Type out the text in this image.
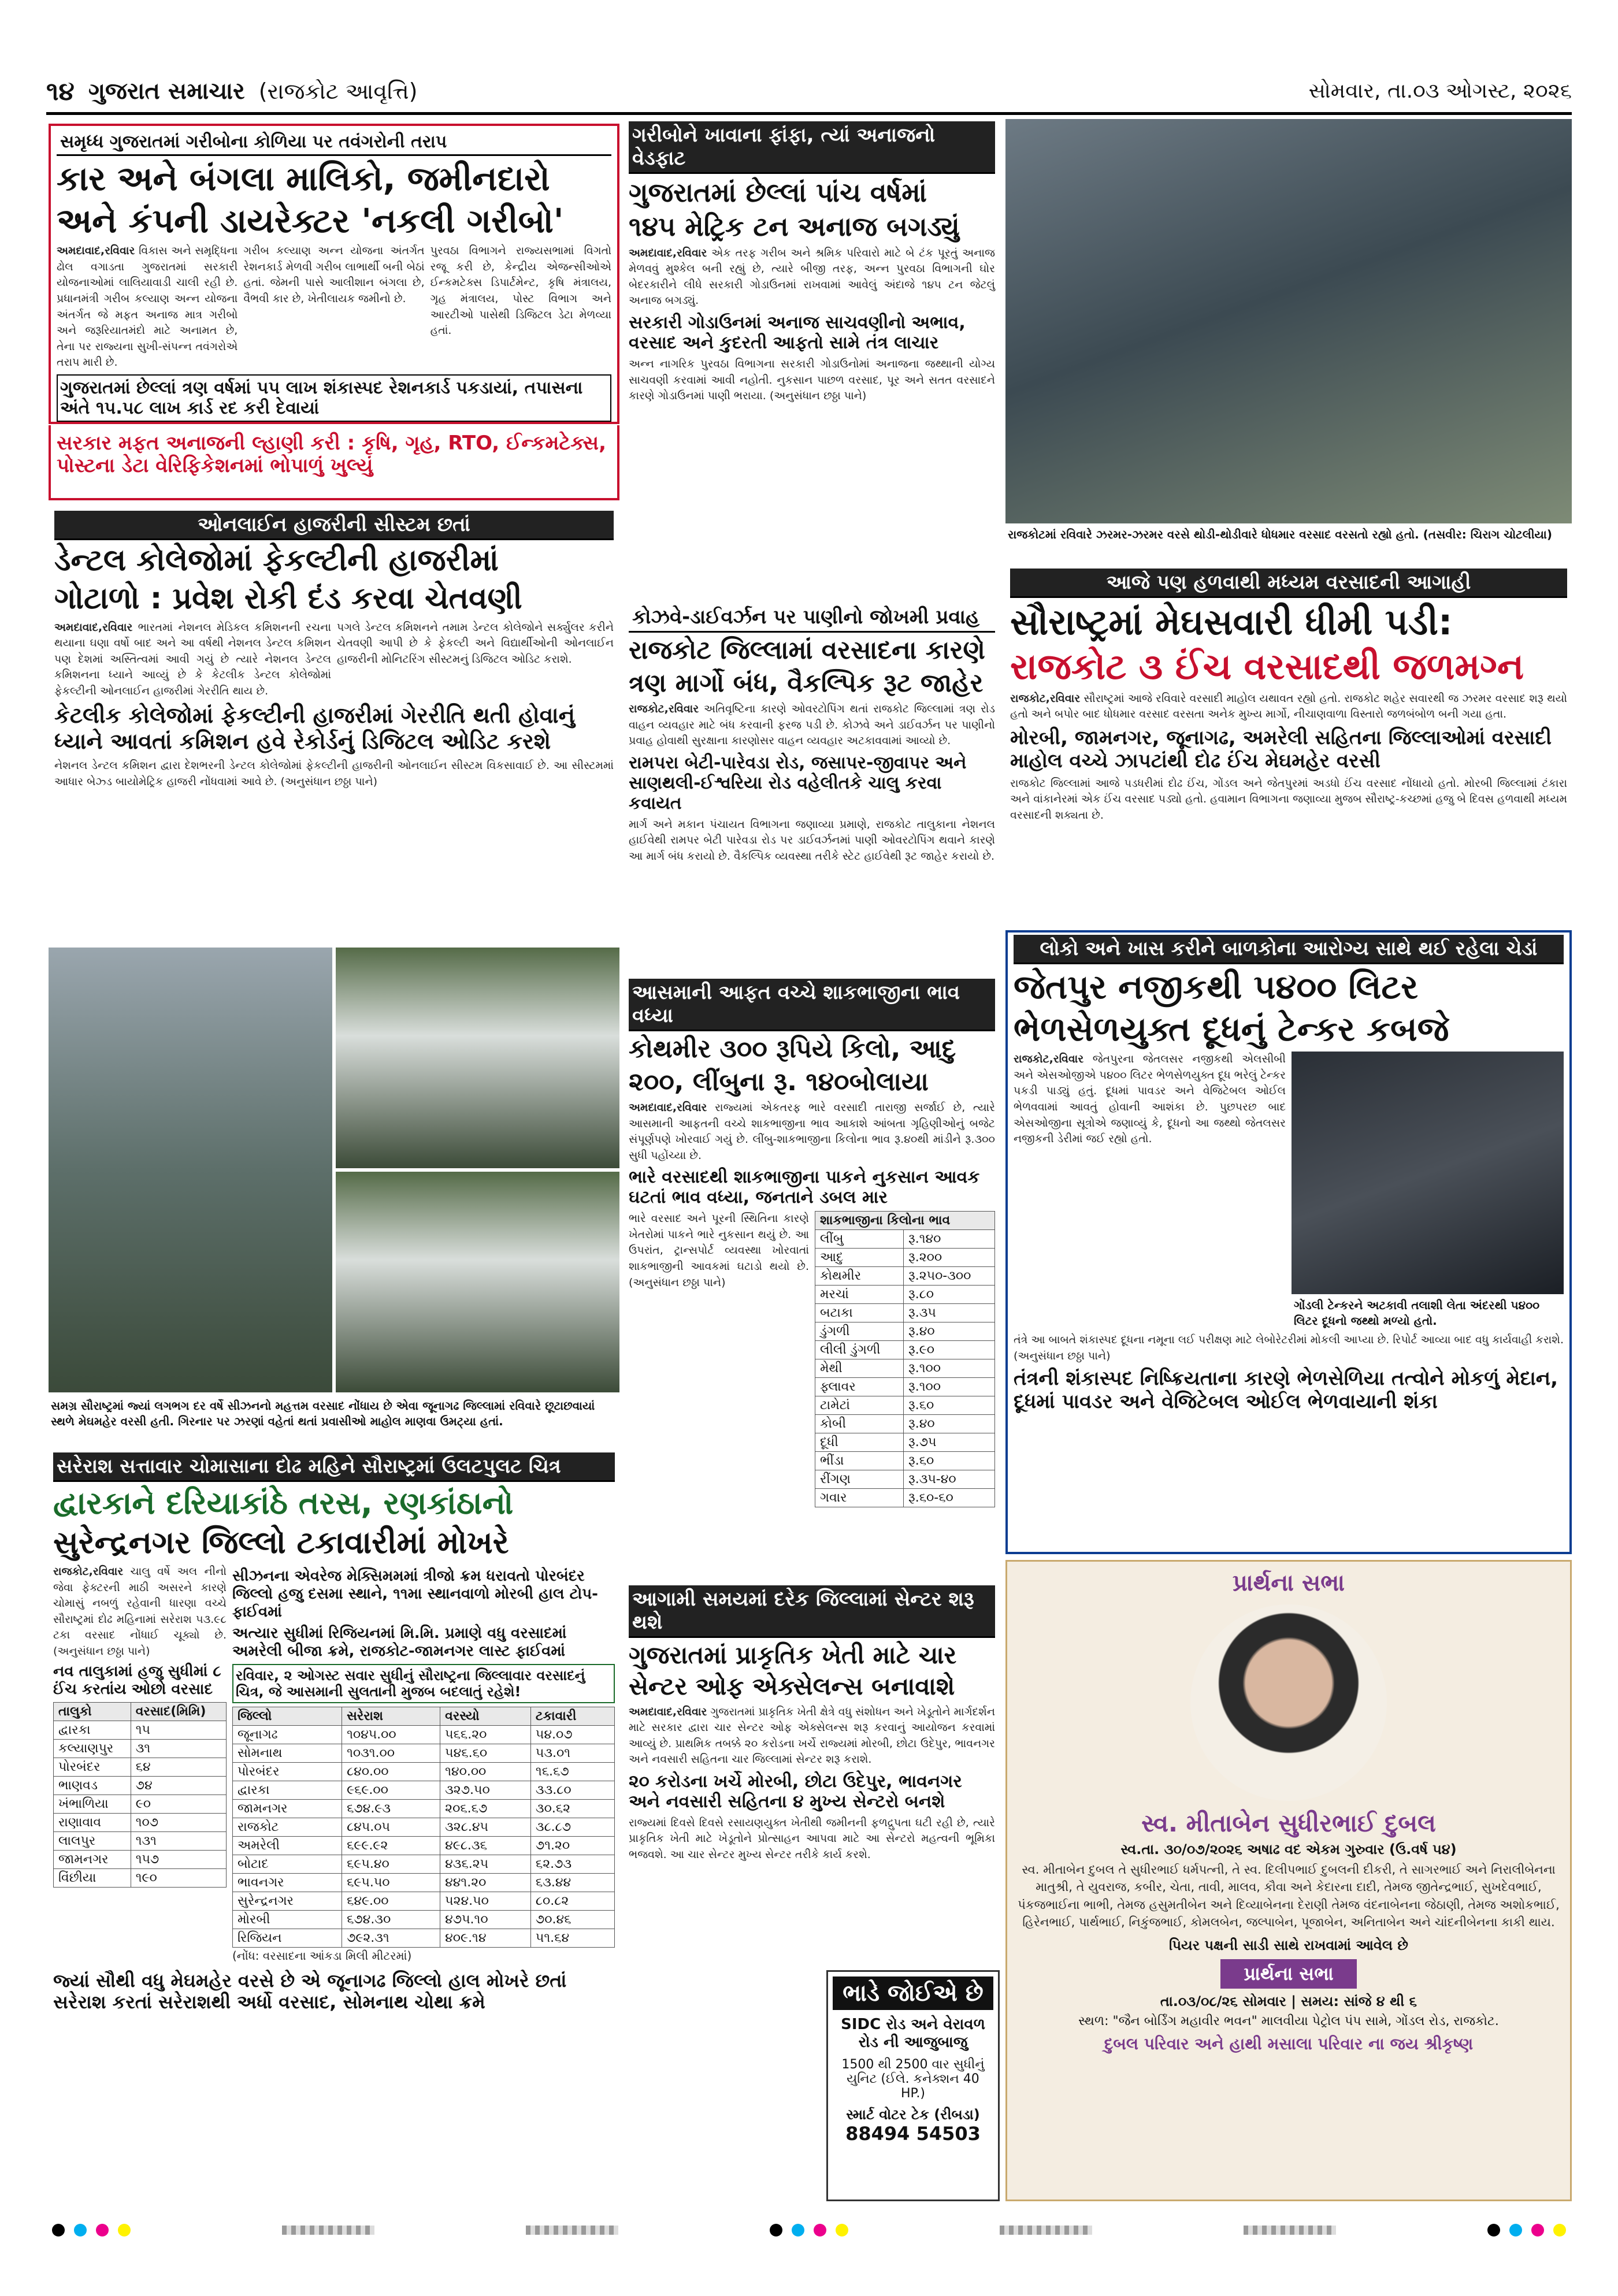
૧૪ ગુજરાત સમાચાર (રાજકોટ આવૃત્તિ)	સોમવાર, તા.૦૩ ઓગસ્ટ, ૨૦૨૬
સમૃધ્ધ ગુજરાતમાં ગરીબોના કોળિયા પર તવંગરોની તરાપ
કાર અને બંગલા માલિકો, જમીનદારો
અને કંપની ડાયરેક્ટર 'નકલી ગરીબો'
અમદાવાદ,રવિવાર વિકાસ અને સમૃદ્ધિના ઢોલ વગાડતા ગુજરાતમાં સરકારી યોજનાઓમાં લાલિયાવાડી ચાલી રહી છે. પ્રધાનમંત્રી ગરીબ કલ્યાણ અન્ન યોજના અંતર્ગત જે મફત અનાજ માત્ર ગરીબો અને જરૂરિયાતમંદો માટે અનામત છે, તેના પર રાજ્યના સુખી-સંપન્ન તવંગરોએ તરાપ મારી છે.
ગરીબ કલ્યાણ અન્ન યોજના અંતર્ગત રેશનકાર્ડ મેળવી ગરીબ લાભાર્થી બની બેઠાં હતાં. જેમની પાસે આલીશાન બંગલા છે, વૈભવી કાર છે, ખેતીલાયક જમીનો છે.
પુરવઠા વિભાગને રાજ્યસભામાં વિગતો રજૂ કરી છે, કેન્દ્રીય એજન્સીઓએ ઈન્કમટેક્સ ડિપાર્ટમેન્ટ, કૃષિ મંત્રાલય, ગૃહ મંત્રાલય, પોસ્ટ વિભાગ અને આરટીઓ પાસેથી ડિજિટલ ડેટા મેળવ્યા હતાં.
ગુજરાતમાં છેલ્લાં ત્રણ વર્ષમાં ૫૫ લાખ શંકાસ્પદ રેશનકાર્ડ પકડાયાં, તપાસના અંતે ૧૫.૫૮ લાખ કાર્ડ રદ કરી દેવાયાં
સરકાર મફત અનાજની લ્હાણી કરી : કૃષિ, ગૃહ, RTO, ઈન્કમટેક્સ, પોસ્ટના ડેટા વેરિફિકેશનમાં ભોપાળું ખુલ્યું
ગરીબોને ખાવાના ફાંફા, ત્યાં અનાજનો વેડફાટ
ગુજરાતમાં છેલ્લાં પાંચ વર્ષમાં
૧૪૫ મેટ્રિક ટન અનાજ બગડ્યું
અમદાવાદ,રવિવાર એક તરફ ગરીબ અને શ્રમિક પરિવારો માટે બે ટંક પૂરતું અનાજ મેળવવું મુશ્કેલ બની રહ્યું છે, ત્યારે બીજી તરફ, અન્ન પુરવઠા વિભાગની ઘોર બેદરકારીને લીધે સરકારી ગોડાઉનમાં રાખવામાં આવેલું અંદાજે ૧૪૫ ટન જેટલું અનાજ બગડ્યું.
સરકારી ગોડાઉનમાં અનાજ સાચવણીનો અભાવ, વરસાદ અને કુદરતી આફતો સામે તંત્ર લાચાર
અન્ન નાગરિક પુરવઠા વિભાગના સરકારી ગોડાઉનોમાં અનાજના જથ્થાની યોગ્ય સાચવણી કરવામાં આવી નહોતી. નુકસાન પાછળ વરસાદ, પૂર અને સતત વરસાદને કારણે ગોડાઉનમાં પાણી ભરાયા. (અનુસંધાન છઠ્ઠા પાને)
રાજકોટમાં રવિવારે ઝરમર-ઝરમર વરસે થોડી-થોડીવારે ધોધમાર વરસાદ વરસતો રહ્યો હતો. (તસવીર: ચિરાગ ચોટલીયા)
આજે પણ હળવાથી મધ્યમ વરસાદની આગાહી
સૌરાષ્ટ્રમાં મેઘસવારી ધીમી પડી:
રાજકોટ ૩ ઈંચ વરસાદથી જળમગ્ન
રાજકોટ,રવિવાર સૌરાષ્ટ્રમાં આજે રવિવારે વરસાદી માહોલ યથાવત રહ્યો હતો. રાજકોટ શહેર સવારથી જ ઝરમર વરસાદ શરૂ થયો હતો અને બપોર બાદ ધોધમાર વરસાદ વરસતા અનેક મુખ્ય માર્ગો, નીચાણવાળા વિસ્તારો જળબંબોળ બની ગયા હતા.
મોરબી, જામનગર, જૂનાગઢ, અમરેલી સહિતના જિલ્લાઓમાં વરસાદી માહોલ વચ્ચે ઝાપટાંથી દોઢ ઈંચ મેઘમહેર વરસી
રાજકોટ જિલ્લામાં આજે પડધરીમાં દોઢ ઈંચ, ગોંડલ અને જેતપુરમાં અડધો ઈંચ વરસાદ નોંધાયો હતો. મોરબી જિલ્લામાં ટંકારા અને વાંકાનેરમાં એક ઈંચ વરસાદ પડ્યો હતો. હવામાન વિભાગના જણાવ્યા મુજબ સૌરાષ્ટ્ર-કચ્છમાં હજુ બે દિવસ હળવાથી મધ્યમ વરસાદની શક્યતા છે.
કોઝવે-ડાઈવર્ઝન પર પાણીનો જોખમી પ્રવાહ
રાજકોટ જિલ્લામાં વરસાદના કારણે
ત્રણ માર્ગો બંધ, વૈકલ્પિક રૂટ જાહેર
રાજકોટ,રવિવાર અતિવૃષ્ટિના કારણે ઓવરટોપિંગ થતાં રાજકોટ જિલ્લામાં ત્રણ રોડ વાહન વ્યવહાર માટે બંધ કરવાની ફરજ પડી છે. કોઝવે અને ડાઈવર્ઝન પર પાણીનો પ્રવાહ હોવાથી સુરક્ષાના કારણોસર વાહન વ્યવહાર અટકાવવામાં આવ્યો છે.
રામપરા બેટી-પારેવડા રોડ, જસાપર-જીવાપર અને સાણથલી-ઈશ્વરિયા રોડ વહેલીતકે ચાલુ કરવા કવાયત
માર્ગ અને મકાન પંચાયત વિભાગના જણાવ્યા પ્રમાણે, રાજકોટ તાલુકાના નેશનલ હાઈવેથી રામપર બેટી પારેવડા રોડ પર ડાઈવર્ઝનમાં પાણી ઓવરટોપિંગ થવાને કારણે આ માર્ગ બંધ કરાયો છે. વૈકલ્પિક વ્યવસ્થા તરીકે સ્ટેટ હાઈવેથી રૂટ જાહેર કરાયો છે.
ઓનલાઈન હાજરીની સીસ્ટમ છતાં
ડેન્ટલ કોલેજોમાં ફેકલ્ટીની હાજરીમાં
ગોટાળો : પ્રવેશ રોકી દંડ કરવા ચેતવણી
અમદાવાદ,રવિવાર ભારતમાં નેશનલ મેડિકલ કમિશનની રચના થયાના ઘણા વર્ષો બાદ અને આ વર્ષથી નેશનલ ડેન્ટલ કમિશન પણ દેશમાં અસ્તિત્વમાં આવી ગયું છે ત્યારે નેશનલ ડેન્ટલ કમિશનના ધ્યાને આવ્યું છે કે કેટલીક ડેન્ટલ કોલેજોમાં ફેકલ્ટીની ઓનલાઈન હાજરીમાં ગેરરીતિ થાય છે.
પગલે ડેન્ટલ કમિશનને તમામ ડેન્ટલ કોલેજોને સર્ક્યુલર કરીને ચેતવણી આપી છે કે ફેકલ્ટી અને વિદ્યાર્થીઓની ઓનલાઈન હાજરીની મોનિટરિંગ સીસ્ટમનું ડિજિટલ ઓડિટ કરાશે.
કેટલીક કોલેજોમાં ફેકલ્ટીની હાજરીમાં ગેરરીતિ થતી હોવાનું ધ્યાને આવતાં કમિશન હવે રેકોર્ડનું ડિજિટલ ઓડિટ કરશે
નેશનલ ડેન્ટલ કમિશન દ્વારા દેશભરની ડેન્ટલ કોલેજોમાં ફેકલ્ટીની હાજરીની ઓનલાઈન સીસ્ટમ વિકસાવાઈ છે. આ સીસ્ટમમાં આધાર બેઝ્ડ બાયોમેટ્રિક હાજરી નોંધવામાં આવે છે. (અનુસંધાન છઠ્ઠા પાને)
સમગ્ર સૌરાષ્ટ્રમાં જ્યાં લગભગ દર વર્ષે સીઝનનો મહત્તમ વરસાદ નોંધાય છે એવા જૂનાગઢ જિલ્લામાં રવિવારે છૂટાછવાયાં સ્થળે મેઘમહેર વરસી હતી. ગિરનાર પર ઝરણાં વહેતાં થતાં પ્રવાસીઓ માહોલ માણવા ઉમટ્યા હતાં.
આસમાની આફત વચ્ચે શાકભાજીના ભાવ વધ્યા
કોથમીર ૩૦૦ રૂપિયે કિલો, આદુ
૨૦૦, લીંબુના રૂ. ૧૪૦બોલાયા
અમદાવાદ,રવિવાર રાજ્યમાં એકતરફ ભારે વરસાદી તારાજી સર્જાઈ છે, ત્યારે આસમાની આફતની વચ્ચે શાકભાજીના ભાવ આકાશે આંબતા ગૃહિણીઓનું બજેટ સંપૂર્ણપણે ખોરવાઈ ગયું છે. લીંબુ-શાકભાજીના કિલોના ભાવ રૂ.૪૦થી માંડીને રૂ.૩૦૦ સુધી પહોંચ્યા છે.
ભારે વરસાદથી શાકભાજીના પાકને નુકસાન આવક ઘટતાં ભાવ વધ્યા, જનતાને ડબલ માર
ભારે વરસાદ અને પૂરની સ્થિતિના કારણે ખેતરોમાં પાકને ભારે નુકસાન થયું છે. આ ઉપરાંત, ટ્રાન્સપોર્ટ વ્યવસ્થા ખોરવાતાં શાકભાજીની આવકમાં ઘટાડો થયો છે. (અનુસંધાન છઠ્ઠા પાને)
શાકભાજીના કિલોના ભાવ	
લીંબુ	રૂ.૧૪૦
આદુ	રૂ.૨૦૦
કોથમીર	રૂ.૨૫૦-૩૦૦
મરચાં	રૂ.૮૦
બટાકા	રૂ.૩૫
ડુંગળી	રૂ.૪૦
લીલી ડુંગળી	રૂ.૯૦
મેથી	રૂ.૧૦૦
ફ્લાવર	રૂ.૧૦૦
ટામેટાં	રૂ.૬૦
કોબી	રૂ.૪૦
દૂધી	રૂ.૭૫
ભીંડા	રૂ.૬૦
રીંગણ	રૂ.૩૫-૪૦
ગવાર	રૂ.૬૦-૬૦
લોકો અને ખાસ કરીને બાળકોના આરોગ્ય સાથે થઈ રહેલા ચેડાં
જેતપુર નજીકથી ૫૪૦૦ લિટર
ભેળસેળયુક્ત દૂધનું ટેન્કર કબજે
રાજકોટ,રવિવાર જેતપુરના જેતલસર નજીકથી એલસીબી અને એસઓજીએ ૫૪૦૦ લિટર ભેળસેળયુક્ત દૂધ ભરેલું ટેન્કર પકડી પાડ્યું હતું. દૂધમાં પાવડર અને વેજિટેબલ ઓઈલ ભેળવવામાં આવતું હોવાની આશંકા છે. પુછપરછ બાદ એસઓજીના સૂત્રોએ જણાવ્યું કે, દૂધનો આ જથ્થો જેતલસર નજીકની ડેરીમાં જઈ રહ્યો હતો.
ગોંડલી ટેન્કરને અટકાવી તલાશી લેતા અંદરથી ૫૪૦૦ લિટર દૂધનો જથ્થો મળ્યો હતો.
તંત્રે આ બાબતે શંકાસ્પદ દૂધના નમૂના લઈ પરીક્ષણ માટે લેબોરેટરીમાં મોકલી આપ્યા છે. રિપોર્ટ આવ્યા બાદ વધુ કાર્યવાહી કરાશે. (અનુસંધાન છઠ્ઠા પાને)
તંત્રની શંકાસ્પદ નિષ્ક્રિયતાના કારણે ભેળસેળિયા તત્વોને મોકળું મેદાન, દૂધમાં પાવડર અને વેજિટેબલ ઓઈલ ભેળવાયાની શંકા
સરેરાશ સત્તાવાર ચોમાસાના દોઢ મહિને સૌરાષ્ટ્રમાં ઉલટપુલટ ચિત્ર
દ્વારકાને દરિયાકાંઠે તરસ, રણકાંઠાનો
સુરેન્દ્રનગર જિલ્લો ટકાવારીમાં મોખરે
રાજકોટ,રવિવાર ચાલુ વર્ષે અલ નીનો જેવા ફેક્ટરની માઠી અસરને કારણે ચોમાસું નબળું રહેવાની ધારણા વચ્ચે સૌરાષ્ટ્રમાં દોઢ મહિનામાં સરેરાશ ૫૩.૯૮ ટકા વરસાદ નોંધાઈ ચૂક્યો છે. (અનુસંધાન છઠ્ઠા પાને)
નવ તાલુકામાં હજુ સુધીમાં ૮ ઈંચ કરતાંય ઓછો વરસાદ
તાલુકો	વરસાદ(મિમિ)
દ્વારકા	૧૫
કલ્યાણપુર	૩૧
પોરબંદર	૬૪
ભાણવડ	૭૪
ખંભાળિયા	૯૦
રાણાવાવ	૧૦૭
લાલપુર	૧૩૧
જામનગર	૧૫૭
વિંછીયા	૧૯૦
સીઝનના એવરેજ મેક્સિમમમાં ત્રીજો ક્રમ ધરાવતો પોરબંદર જિલ્લો હજુ દસમા સ્થાને, ૧૧મા સ્થાનવાળો મોરબી હાલ ટોપ-ફાઈવમાં
અત્યાર સુધીમાં રિજિયનમાં મિ.મિ. પ્રમાણે વધુ વરસાદમાં અમરેલી બીજા ક્રમે, રાજકોટ-જામનગર લાસ્ટ ફાઈવમાં
રવિવાર, ૨ ઓગસ્ટ સવાર સુધીનું સૌરાષ્ટ્રના જિલ્લાવાર વરસાદનું ચિત્ર, જે આસમાની સુલતાની મુજબ બદલાતું રહેશે!
જિલ્લો	સરેરાશ	વરસ્યો	ટકાવારી
જૂનાગઢ	૧૦૪૫.૦૦	૫૬૬.૨૦	૫૪.૦૭
સોમનાથ	૧૦૩૧.૦૦	૫૪૬.૬૦	૫૩.૦૧
પોરબંદર	૮૪૦.૦૦	૧૪૦.૦૦	૧૬.૬૭
દ્વારકા	૯૬૯.૦૦	૩૨૭.૫૦	૩૩.૮૦
જામનગર	૬૭૪.૯૩	૨૦૬.૬૭	૩૦.૬૨
રાજકોટ	૮૪૫.૦૫	૩૨૮.૪૫	૩૮.૮૭
અમરેલી	૬૯૯.૯૨	૪૯૮.૩૬	૭૧.૨૦
બોટાદ	૬૯૫.૪૦	૪૩૬.૨૫	૬૨.૭૩
ભાવનગર	૬૯૫.૫૦	૪૪૧.૨૦	૬૩.૪૪
સુરેન્દ્રનગર	૬૪૯.૦૦	૫૨૪.૫૦	૮૦.૮૨
મોરબી	૬૭૪.૩૦	૪૭૫.૧૦	૭૦.૪૬
રિજિયન	૭૯૨.૩૧	૪૦૯.૧૪	૫૧.૬૪
(નોંધ: વરસાદના આંકડા મિલી મીટરમાં)
જ્યાં સૌથી વધુ મેઘમહેર વરસે છે એ જૂનાગઢ જિલ્લો હાલ મોખરે છતાં સરેરાશ કરતાં સરેરાશથી અર્ધો વરસાદ, સોમનાથ ચોથા ક્રમે
આગામી સમયમાં દરેક જિલ્લામાં સેન્ટર શરૂ થશે
ગુજરાતમાં પ્રાકૃતિક ખેતી માટે ચાર
સેન્ટર ઓફ એક્સેલન્સ બનાવાશે
અમદાવાદ,રવિવાર ગુજરાતમાં પ્રાકૃતિક ખેતી ક્ષેત્રે વધુ સંશોધન અને ખેડૂતોને માર્ગદર્શન માટે સરકાર દ્વારા ચાર સેન્ટર ઓફ એક્સેલન્સ શરૂ કરવાનું આયોજન કરવામાં આવ્યું છે. પ્રાથમિક તબક્કે ૨૦ કરોડના ખર્ચે રાજ્યમાં મોરબી, છોટા ઉદેપુર, ભાવનગર અને નવસારી સહિતના ચાર જિલ્લામાં સેન્ટર શરૂ કરાશે.
૨૦ કરોડના ખર્ચે મોરબી, છોટા ઉદેપુર, ભાવનગર અને નવસારી સહિતના ૪ મુખ્ય સેન્ટરો બનશે
રાજ્યમાં દિવસે દિવસે રસાયણયુક્ત ખેતીથી જમીનની ફળદ્રુપતા ઘટી રહી છે, ત્યારે પ્રાકૃતિક ખેતી માટે ખેડૂતોને પ્રોત્સાહન આપવા માટે આ સેન્ટરો મહત્વની ભૂમિકા ભજવશે. આ ચાર સેન્ટર મુખ્ય સેન્ટર તરીકે કાર્ય કરશે.
ભાડે જોઈએ છે
SIDC રોડ અને વેરાવળ રોડ ની આજુબાજુ
1500 થી 2500 વાર સુધીનું યુનિટ (ઈલે. કનેક્શન 40 HP.)
સ્માર્ટ વોટર ટેક (રીબડા)
88494 54503
પ્રાર્થના સભા
સ્વ. મીતાબેન સુધીરભાઈ દુબલ
સ્વ.તા. ૩૦/૦૭/૨૦૨૬ અષાઢ વદ એકમ ગુરુવાર (ઉ.વર્ષ ૫૪)
સ્વ. મીતાબેન દુબલ તે સુધીરભાઈ ધર્મપત્ની, તે સ્વ. દિલીપભાઈ દુબલની દીકરી, તે સાગરભાઈ અને નિરાલીબેનના માતુશ્રી, તે યુવરાજ, કબીર, ચેતા, તાવી, માલવ, કૌવા અને કેદારના દાદી, તેમજ જીતેન્દ્રભાઈ, સુખદેવભાઈ, પંકજભાઈના ભાભી, તેમજ હસુમતીબેન અને દિવ્યાબેનના દેરાણી તેમજ વંદનાબેનના જેઠાણી, તેમજ અશોકભાઈ, હિરેનભાઈ, પાર્થભાઈ, નિકુંજભાઈ, કોમલબેન, જલ્પાબેન, પૂજાબેન, અનિતાબેન અને ચાંદનીબેનના કાકી થાય.
પિયર પક્ષની સાડી સાથે રાખવામાં આવેલ છે
પ્રાર્થના સભા
તા.૦૩/૦૮/૨૬ સોમવાર | સમય: સાંજે ૪ થી ૬
સ્થળ: "જૈન બોર્ડિંગ મહાવીર ભવન" માલવીયા પેટ્રોલ પંપ સામે, ગોંડલ રોડ, રાજકોટ.
દુબલ પરિવાર અને હાથી મસાલા પરિવાર ના જય શ્રીકૃષ્ણ
